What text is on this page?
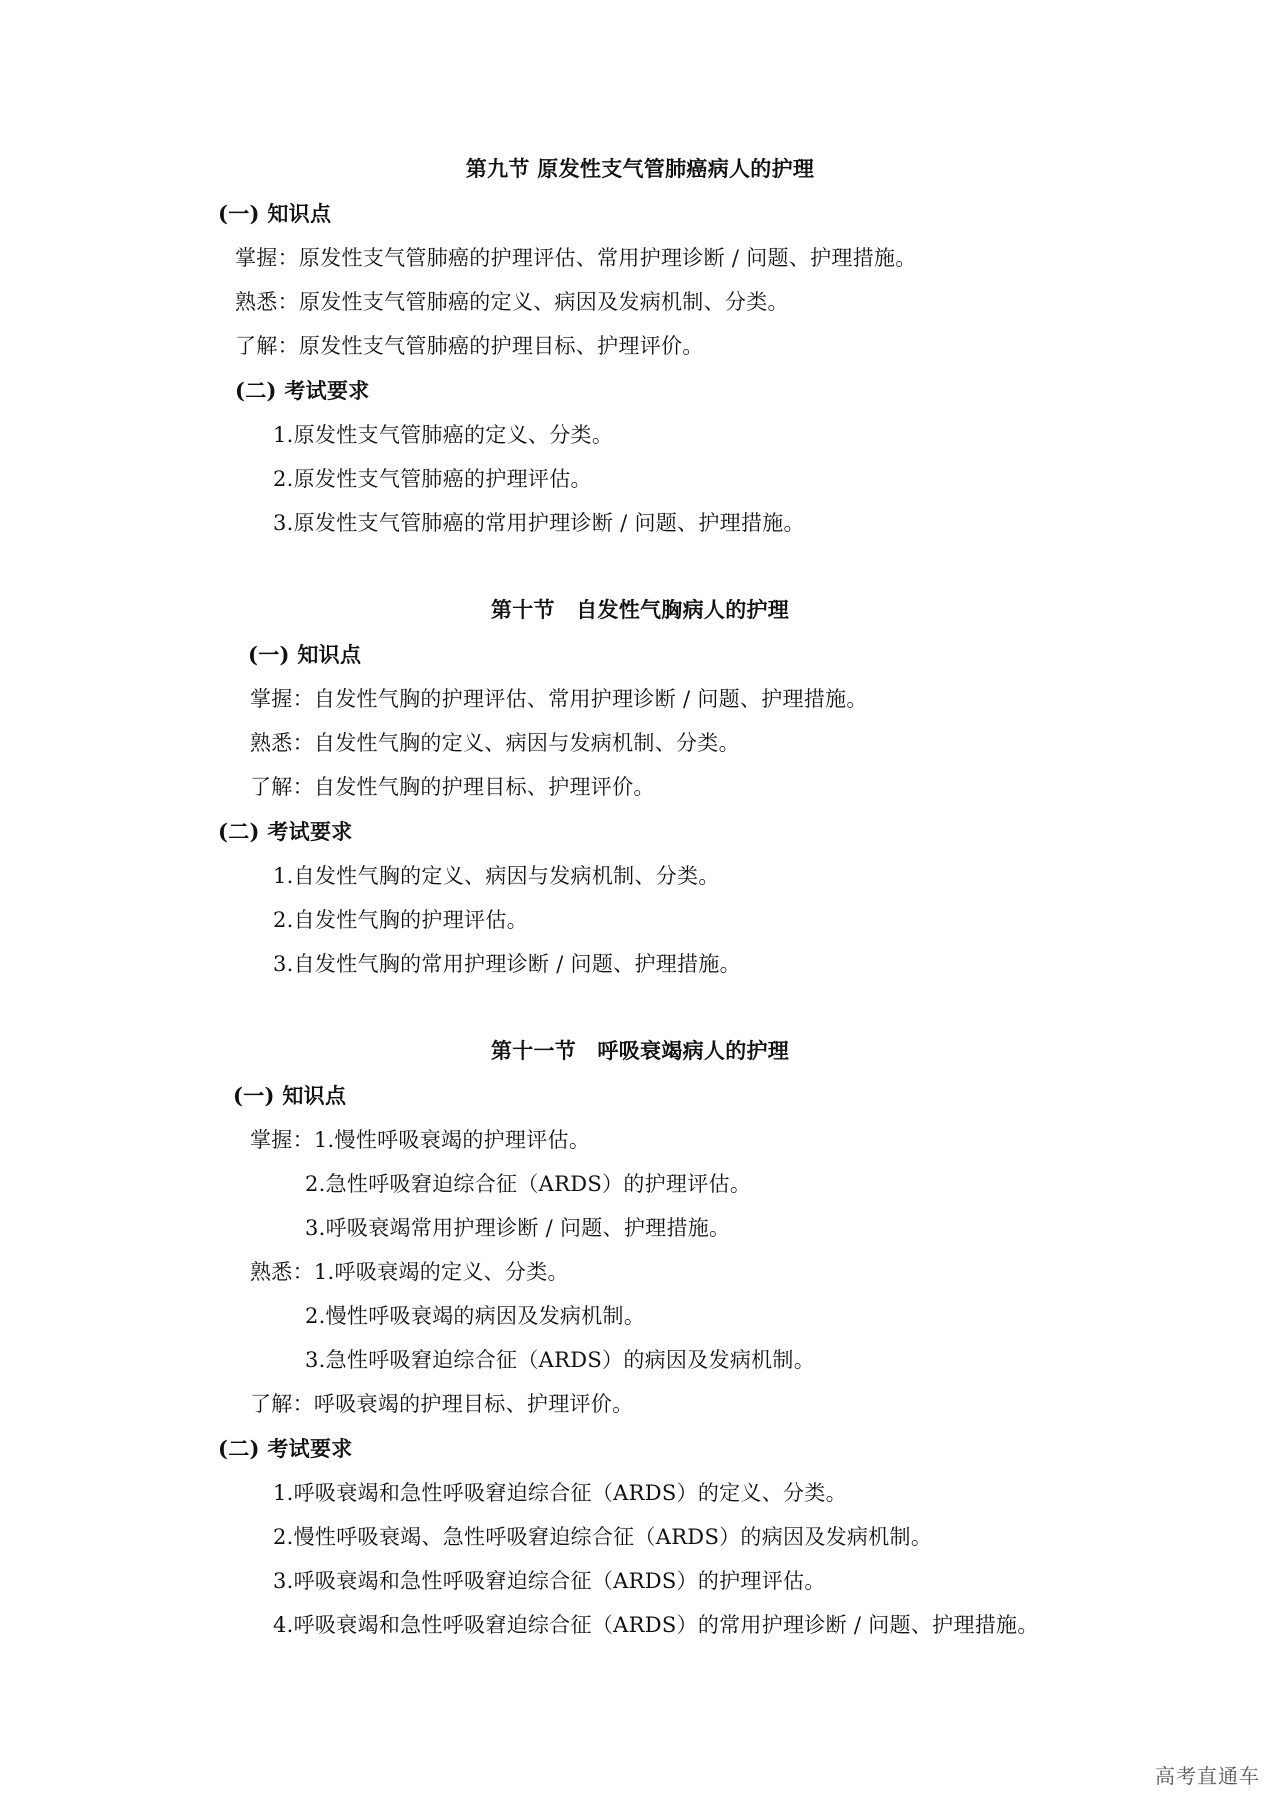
第九节 原发性支气管肺癌病人的护理

(一) 知识点

掌握：原发性支气管肺癌的护理评估、常用护理诊断 / 问题、护理措施。

熟悉：原发性支气管肺癌的定义、病因及发病机制、分类。

了解：原发性支气管肺癌的护理目标、护理评价。

(二) 考试要求

1.原发性支气管肺癌的定义、分类。

2.原发性支气管肺癌的护理评估。

3.原发性支气管肺癌的常用护理诊断 / 问题、护理措施。

第十节　自发性气胸病人的护理

(一) 知识点

掌握：自发性气胸的护理评估、常用护理诊断 / 问题、护理措施。

熟悉：自发性气胸的定义、病因与发病机制、分类。

了解：自发性气胸的护理目标、护理评价。

(二) 考试要求

1.自发性气胸的定义、病因与发病机制、分类。

2.自发性气胸的护理评估。

3.自发性气胸的常用护理诊断 / 问题、护理措施。

第十一节　呼吸衰竭病人的护理

(一) 知识点

掌握：1.慢性呼吸衰竭的护理评估。

2.急性呼吸窘迫综合征（ARDS）的护理评估。

3.呼吸衰竭常用护理诊断 / 问题、护理措施。

熟悉：1.呼吸衰竭的定义、分类。

2.慢性呼吸衰竭的病因及发病机制。

3.急性呼吸窘迫综合征（ARDS）的病因及发病机制。

了解：呼吸衰竭的护理目标、护理评价。

(二) 考试要求

1.呼吸衰竭和急性呼吸窘迫综合征（ARDS）的定义、分类。

2.慢性呼吸衰竭、急性呼吸窘迫综合征（ARDS）的病因及发病机制。

3.呼吸衰竭和急性呼吸窘迫综合征（ARDS）的护理评估。

4.呼吸衰竭和急性呼吸窘迫综合征（ARDS）的常用护理诊断 / 问题、护理措施。

高考直通车
